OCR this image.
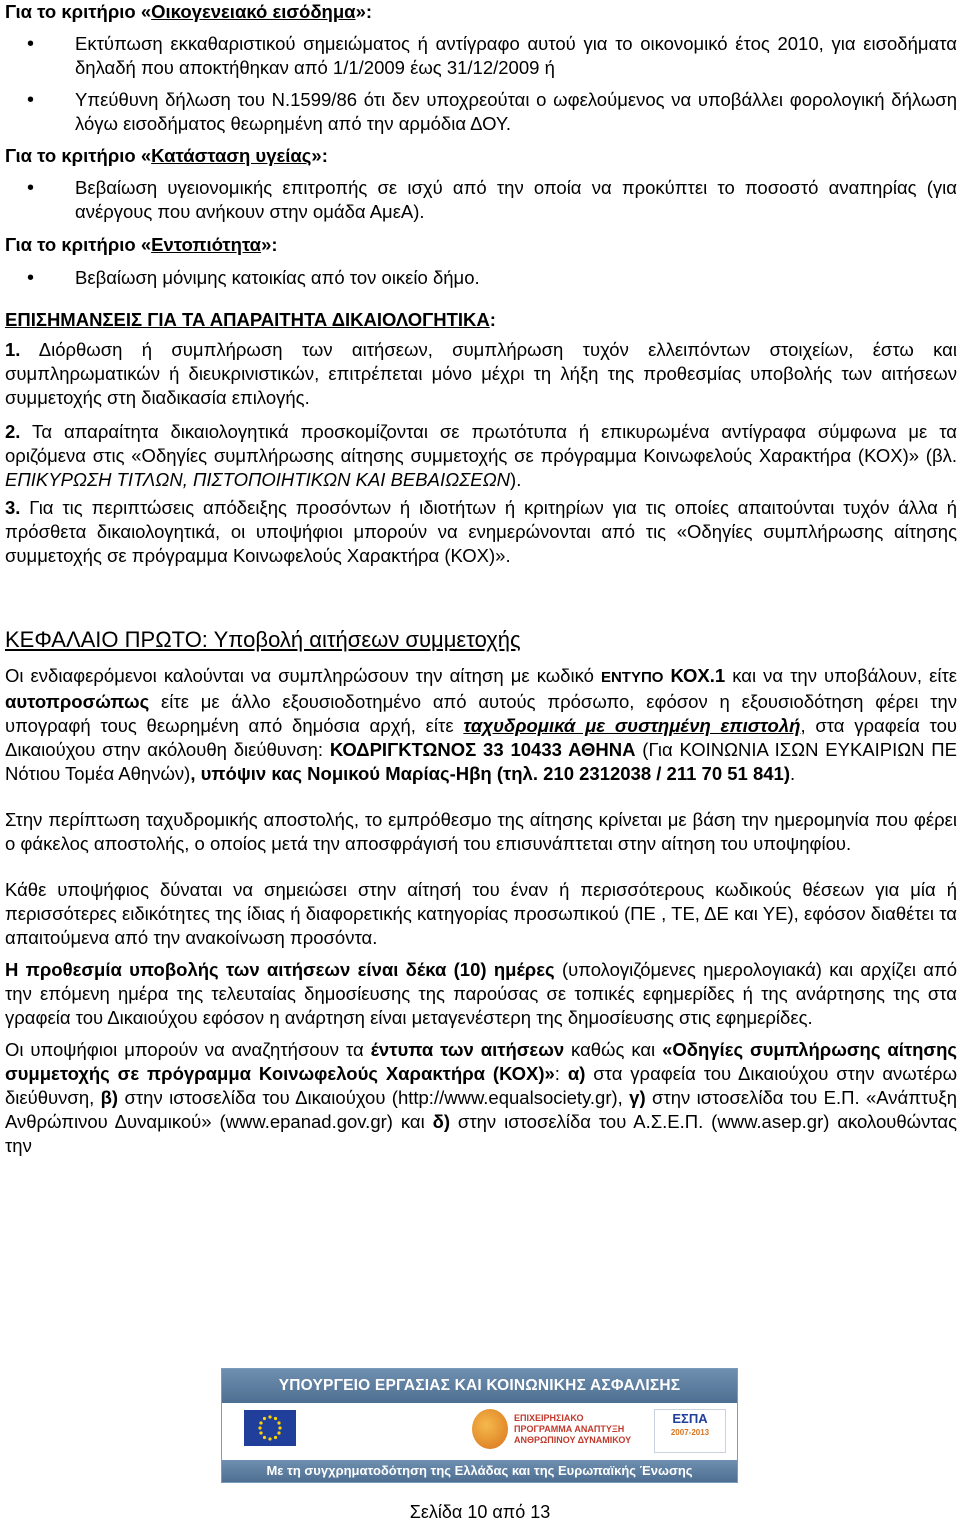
Για το κριτήριο «Οικογενειακό εισόδημα»:

• Εκτύπωση εκκαθαριστικού σημειώματος ή αντίγραφο αυτού για το οικονομικό έτος 2010, για εισοδήματα δηλαδή που αποκτήθηκαν από 1/1/2009 έως 31/12/2009 ή
• Υπεύθυνη δήλωση του Ν.1599/86 ότι δεν υποχρεούται ο ωφελούμενος να υποβάλλει φορολογική δήλωση λόγω εισοδήματος θεωρημένη από την αρμόδια ΔΟΥ.

Για το κριτήριο «Κατάσταση υγείας»:

• Βεβαίωση υγειονομικής επιτροπής σε ισχύ από την οποία να προκύπτει το ποσοστό αναπηρίας (για ανέργους που ανήκουν στην ομάδα ΑμεΑ).

Για το κριτήριο «Εντοπιότητα»:

• Βεβαίωση μόνιμης κατοικίας από τον οικείο δήμο.

ΕΠΙΣΗΜΑΝΣΕΙΣ ΓΙΑ ΤΑ ΑΠΑΡΑΙΤΗΤΑ ΔΙΚΑΙΟΛΟΓΗΤΙΚΑ:

1. Διόρθωση ή συμπλήρωση των αιτήσεων, συμπλήρωση τυχόν ελλειπόντων στοιχείων, έστω και συμπληρωματικών ή διευκρινιστικών, επιτρέπεται μόνο μέχρι τη λήξη της προθεσμίας υποβολής των αιτήσεων συμμετοχής στη διαδικασία επιλογής.

2. Τα απαραίτητα δικαιολογητικά προσκομίζονται σε πρωτότυπα ή επικυρωμένα αντίγραφα σύμφωνα με τα οριζόμενα στις «Οδηγίες συμπλήρωσης αίτησης συμμετοχής σε πρόγραμμα Κοινωφελούς Χαρακτήρα (ΚΟΧ)» (βλ. ΕΠΙΚΥΡΩΣΗ ΤΙΤΛΩΝ, ΠΙΣΤΟΠΟΙΗΤΙΚΩΝ ΚΑΙ ΒΕΒΑΙΩΣΕΩΝ).

3. Για τις περιπτώσεις απόδειξης προσόντων ή ιδιοτήτων ή κριτηρίων για τις οποίες απαιτούνται τυχόν άλλα ή πρόσθετα δικαιολογητικά, οι υποψήφιοι μπορούν να ενημερώνονται από τις «Οδηγίες συμπλήρωσης αίτησης συμμετοχής σε πρόγραμμα Κοινωφελούς Χαρακτήρα (ΚΟΧ)».

ΚΕΦΑΛΑΙΟ ΠΡΩΤΟ: Υποβολή αιτήσεων συμμετοχής

Οι ενδιαφερόμενοι καλούνται να συμπληρώσουν την αίτηση με κωδικό ΕΝΤΥΠΟ ΚΟΧ.1 και να την υποβάλουν, είτε αυτοπροσώπως είτε με άλλο εξουσιοδοτημένο από αυτούς πρόσωπο, εφόσον η εξουσιοδότηση φέρει την υπογραφή τους θεωρημένη από δημόσια αρχή, είτε ταχυδρομικά με συστημένη επιστολή, στα γραφεία του Δικαιούχου στην ακόλουθη διεύθυνση: ΚΟΔΡΙΓΚΤΩΝΟΣ 33 10433 ΑΘΗΝΑ (Για ΚΟΙΝΩΝΙΑ ΙΣΩΝ ΕΥΚΑΙΡΙΩΝ ΠΕ Νότιου Τομέα Αθηνών), υπόψιν κας Νομικού Μαρίας-Ηβη (τηλ. 210 2312038 / 211 70 51 841).

Στην περίπτωση ταχυδρομικής αποστολής, το εμπρόθεσμο της αίτησης κρίνεται με βάση την ημερομηνία που φέρει ο φάκελος αποστολής, ο οποίος μετά την αποσφράγισή του επισυνάπτεται στην αίτηση του υποψηφίου.

Κάθε υποψήφιος δύναται να σημειώσει στην αίτησή του έναν ή περισσότερους κωδικούς θέσεων για μία ή περισσότερες ειδικότητες της ίδιας ή διαφορετικής κατηγορίας προσωπικού (ΠΕ , ΤΕ, ΔΕ και ΥΕ), εφόσον διαθέτει τα απαιτούμενα από την ανακοίνωση προσόντα.

Η προθεσμία υποβολής των αιτήσεων είναι δέκα (10) ημέρες (υπολογιζόμενες ημερολογιακά) και αρχίζει από την επόμενη ημέρα της τελευταίας δημοσίευσης της παρούσας σε τοπικές εφημερίδες ή της ανάρτησης της στα γραφεία του Δικαιούχου εφόσον η ανάρτηση είναι μεταγενέστερη της δημοσίευσης στις εφημερίδες.

Οι υποψήφιοι μπορούν να αναζητήσουν τα έντυπα των αιτήσεων καθώς και «Οδηγίες συμπλήρωσης αίτησης συμμετοχής σε πρόγραμμα Κοινωφελούς Χαρακτήρα (ΚΟΧ)»: α) στα γραφεία του Δικαιούχου στην ανωτέρω διεύθυνση, β) στην ιστοσελίδα του Δικαιούχου (http://www.equalsociety.gr), γ) στην ιστοσελίδα του Ε.Π. «Ανάπτυξη Ανθρώπινου Δυναμικού» (www.epanad.gov.gr) και δ) στην ιστοσελίδα του Α.Σ.Ε.Π. (www.asep.gr) ακολουθώντας την

ΥΠΟΥΡΓΕΙΟ ΕΡΓΑΣΙΑΣ ΚΑΙ ΚΟΙΝΩΝΙΚΗΣ ΑΣΦΑΛΙΣΗΣ
ΕΠΙΧΕΙΡΗΣΙΑΚΟ ΠΡΟΓΡΑΜΜΑ ΑΝΑΠΤΥΞΗ ΑΝΘΡΩΠΙΝΟΥ ΔΥΝΑΜΙΚΟΥ
ΕΣΠΑ
2007-2013
Με τη συγχρηματοδότηση της Ελλάδας και της Ευρωπαϊκής Ένωσης
Σελίδα 10 από 13
